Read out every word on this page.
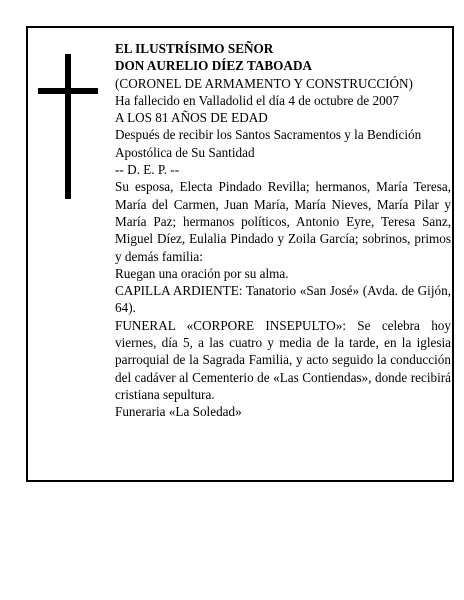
EL ILUSTRÍSIMO SEÑOR

DON AURELIO DÍEZ TABOADA

(CORONEL DE ARMAMENTO Y CONSTRUCCIÓN)

Ha fallecido en Valladolid el día 4 de octubre de 2007

A LOS 81 AÑOS DE EDAD

Después de recibir los Santos Sacramentos y la Bendición Apostólica de Su Santidad

-- D. E. P. --

Su esposa, Electa Pindado Revilla; hermanos, María Teresa, María del Carmen, Juan María, María Nieves, María Pilar y María Paz; hermanos políticos, Antonio Eyre, Teresa Sanz, Miguel Díez, Eulalia Pindado y Zoila García; sobrinos, primos y demás familia:

Ruegan una oración por su alma.

CAPILLA ARDIENTE: Tanatorio «San José» (Avda. de Gijón, 64).

FUNERAL «CORPORE INSEPULTO»: Se celebra hoy viernes, día 5, a las cuatro y media de la tarde, en la iglesia parroquial de la Sagrada Familia, y acto seguido la conducción del cadáver al Cementerio de «Las Contiendas», donde recibirá cristiana sepultura.

Funeraria «La Soledad»
